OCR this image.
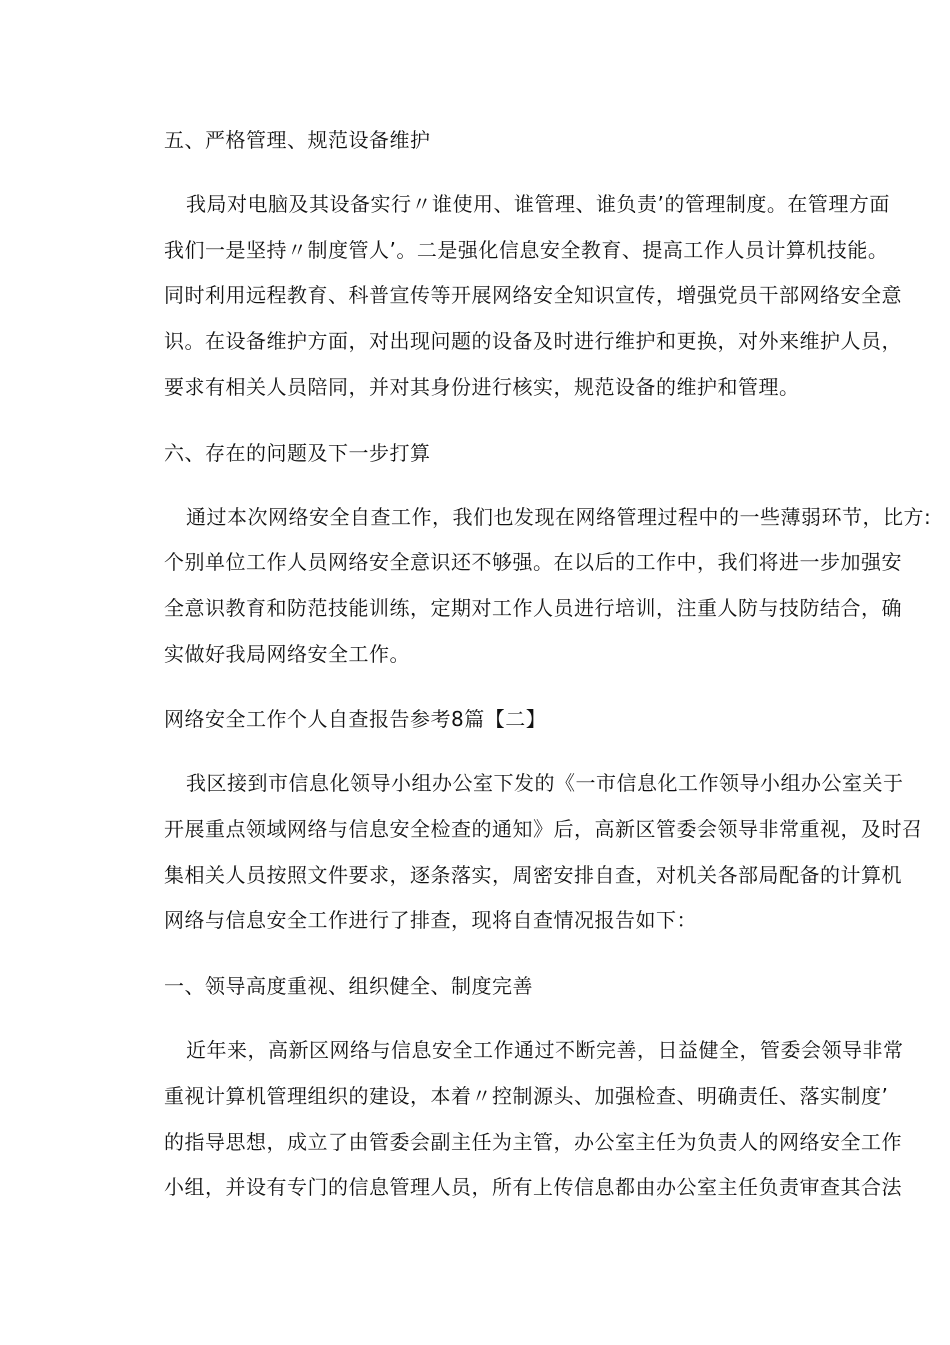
五、严格管理、规范设备维护

我局对电脑及其设备实行〃谁使用、谁管理、谁负责’的管理制度。在管理方面
我们一是坚持〃制度管人’。二是强化信息安全教育、提高工作人员计算机技能。
同时利用远程教育、科普宣传等开展网络安全知识宣传，增强党员干部网络安全意
识。在设备维护方面，对出现问题的设备及时进行维护和更换，对外来维护人员，
要求有相关人员陪同，并对其身份进行核实，规范设备的维护和管理。

六、存在的问题及下一步打算

通过本次网络安全自查工作，我们也发现在网络管理过程中的一些薄弱环节，比方:
个别单位工作人员网络安全意识还不够强。在以后的工作中，我们将进一步加强安
全意识教育和防范技能训练，定期对工作人员进行培训，注重人防与技防结合，确
实做好我局网络安全工作。

网络安全工作个人自查报告参考8篇【二】

我区接到市信息化领导小组办公室下发的《一市信息化工作领导小组办公室关于
开展重点领域网络与信息安全检查的通知》后，高新区管委会领导非常重视，及时召
集相关人员按照文件要求，逐条落实，周密安排自查，对机关各部局配备的计算机
网络与信息安全工作进行了排查，现将自查情况报告如下：

一、领导高度重视、组织健全、制度完善

近年来，高新区网络与信息安全工作通过不断完善，日益健全，管委会领导非常
重视计算机管理组织的建设，本着〃控制源头、加强检查、明确责任、落实制度’
的指导思想，成立了由管委会副主任为主管，办公室主任为负责人的网络安全工作
小组，并设有专门的信息管理人员，所有上传信息都由办公室主任负责审查其合法
